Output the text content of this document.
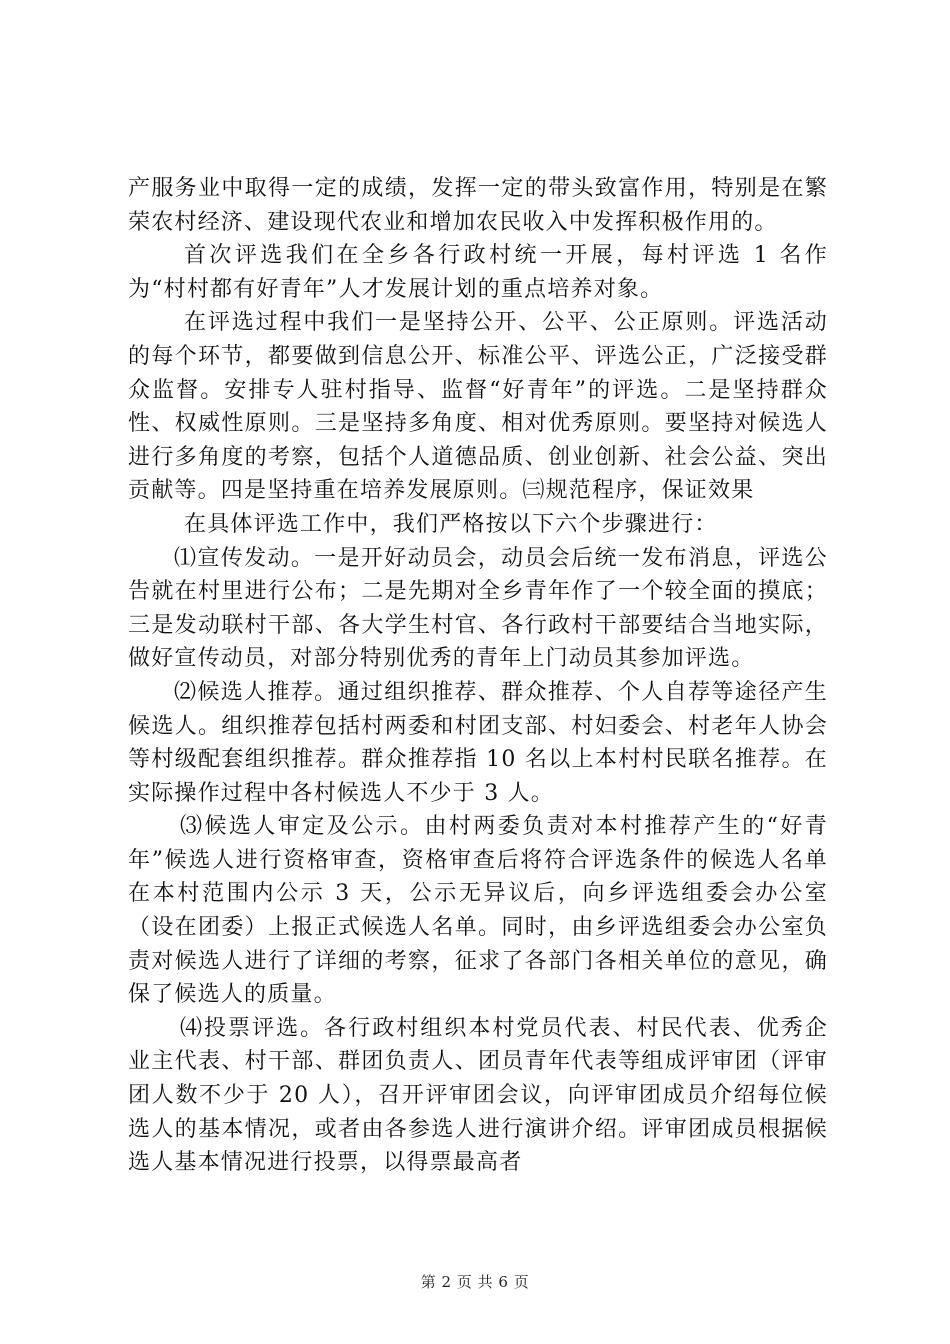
产服务业中取得一定的成绩，发挥一定的带头致富作用，特别是在繁荣农村经济、建设现代农业和增加农民收入中发挥积极作用的。

首次评选我们在全乡各行政村统一开展，每村评选 1 名作为“村村都有好青年”人才发展计划的重点培养对象。

在评选过程中我们一是坚持公开、公平、公正原则。评选活动的每个环节，都要做到信息公开、标准公平、评选公正，广泛接受群众监督。安排专人驻村指导、监督“好青年”的评选。二是坚持群众性、权威性原则。三是坚持多角度、相对优秀原则。要坚持对候选人进行多角度的考察，包括个人道德品质、创业创新、社会公益、突出贡献等。四是坚持重在培养发展原则。㈢规范程序，保证效果

在具体评选工作中，我们严格按以下六个步骤进行：

⑴宣传发动。一是开好动员会，动员会后统一发布消息，评选公告就在村里进行公布；二是先期对全乡青年作了一个较全面的摸底；三是发动联村干部、各大学生村官、各行政村干部要结合当地实际，做好宣传动员，对部分特别优秀的青年上门动员其参加评选。

⑵候选人推荐。通过组织推荐、群众推荐、个人自荐等途径产生候选人。组织推荐包括村两委和村团支部、村妇委会、村老年人协会等村级配套组织推荐。群众推荐指 10 名以上本村村民联名推荐。在实际操作过程中各村候选人不少于 3 人。

⑶候选人审定及公示。由村两委负责对本村推荐产生的“好青年”候选人进行资格审查，资格审查后将符合评选条件的候选人名单在本村范围内公示 3 天，公示无异议后，向乡评选组委会办公室（设在团委）上报正式候选人名单。同时，由乡评选组委会办公室负责对候选人进行了详细的考察，征求了各部门各相关单位的意见，确保了候选人的质量。

⑷投票评选。各行政村组织本村党员代表、村民代表、优秀企业主代表、村干部、群团负责人、团员青年代表等组成评审团（评审团人数不少于 20 人），召开评审团会议，向评审团成员介绍每位候选人的基本情况，或者由各参选人进行演讲介绍。评审团成员根据候选人基本情况进行投票，以得票最高者

第 2 页 共 6 页
